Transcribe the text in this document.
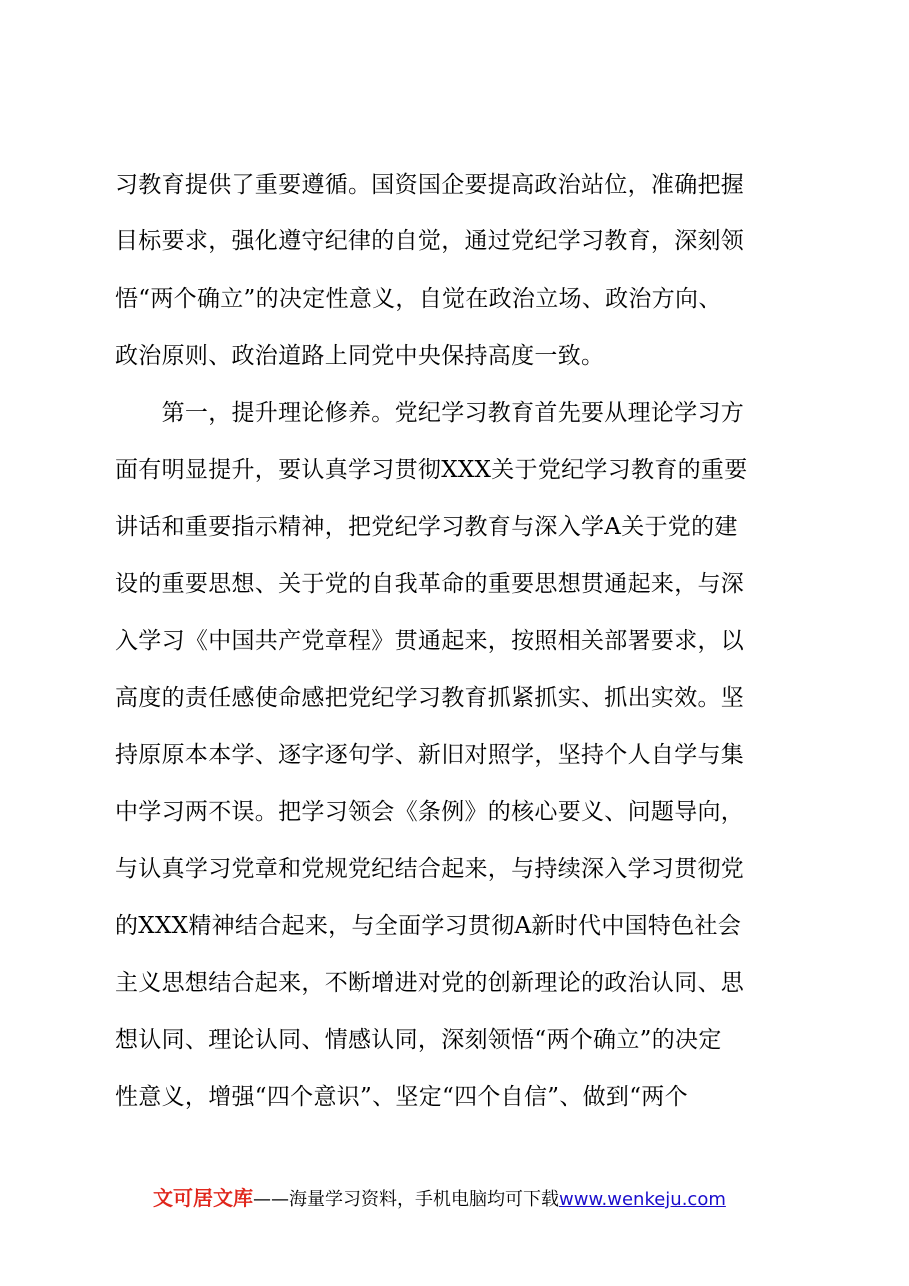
习教育提供了重要遵循。国资国企要提高政治站位，准确把握
目标要求，强化遵守纪律的自觉，通过党纪学习教育，深刻领
悟“两个确立”的决定性意义，自觉在政治立场、政治方向、
政治原则、政治道路上同党中央保持高度一致。
　　第一，提升理论修养。党纪学习教育首先要从理论学习方
面有明显提升，要认真学习贯彻XXX关于党纪学习教育的重要
讲话和重要指示精神，把党纪学习教育与深入学A关于党的建
设的重要思想、关于党的自我革命的重要思想贯通起来，与深
入学习《中国共产党章程》贯通起来，按照相关部署要求，以
高度的责任感使命感把党纪学习教育抓紧抓实、抓出实效。坚
持原原本本学、逐字逐句学、新旧对照学，坚持个人自学与集
中学习两不误。把学习领会《条例》的核心要义、问题导向，
与认真学习党章和党规党纪结合起来，与持续深入学习贯彻党
的XXX精神结合起来，与全面学习贯彻A新时代中国特色社会
主义思想结合起来，不断增进对党的创新理论的政治认同、思
想认同、理论认同、情感认同，深刻领悟“两个确立”的决定
性意义，增强“四个意识”、坚定“四个自信”、做到“两个
文可居文库——海量学习资料，手机电脑均可下载www.wenkeju.com
